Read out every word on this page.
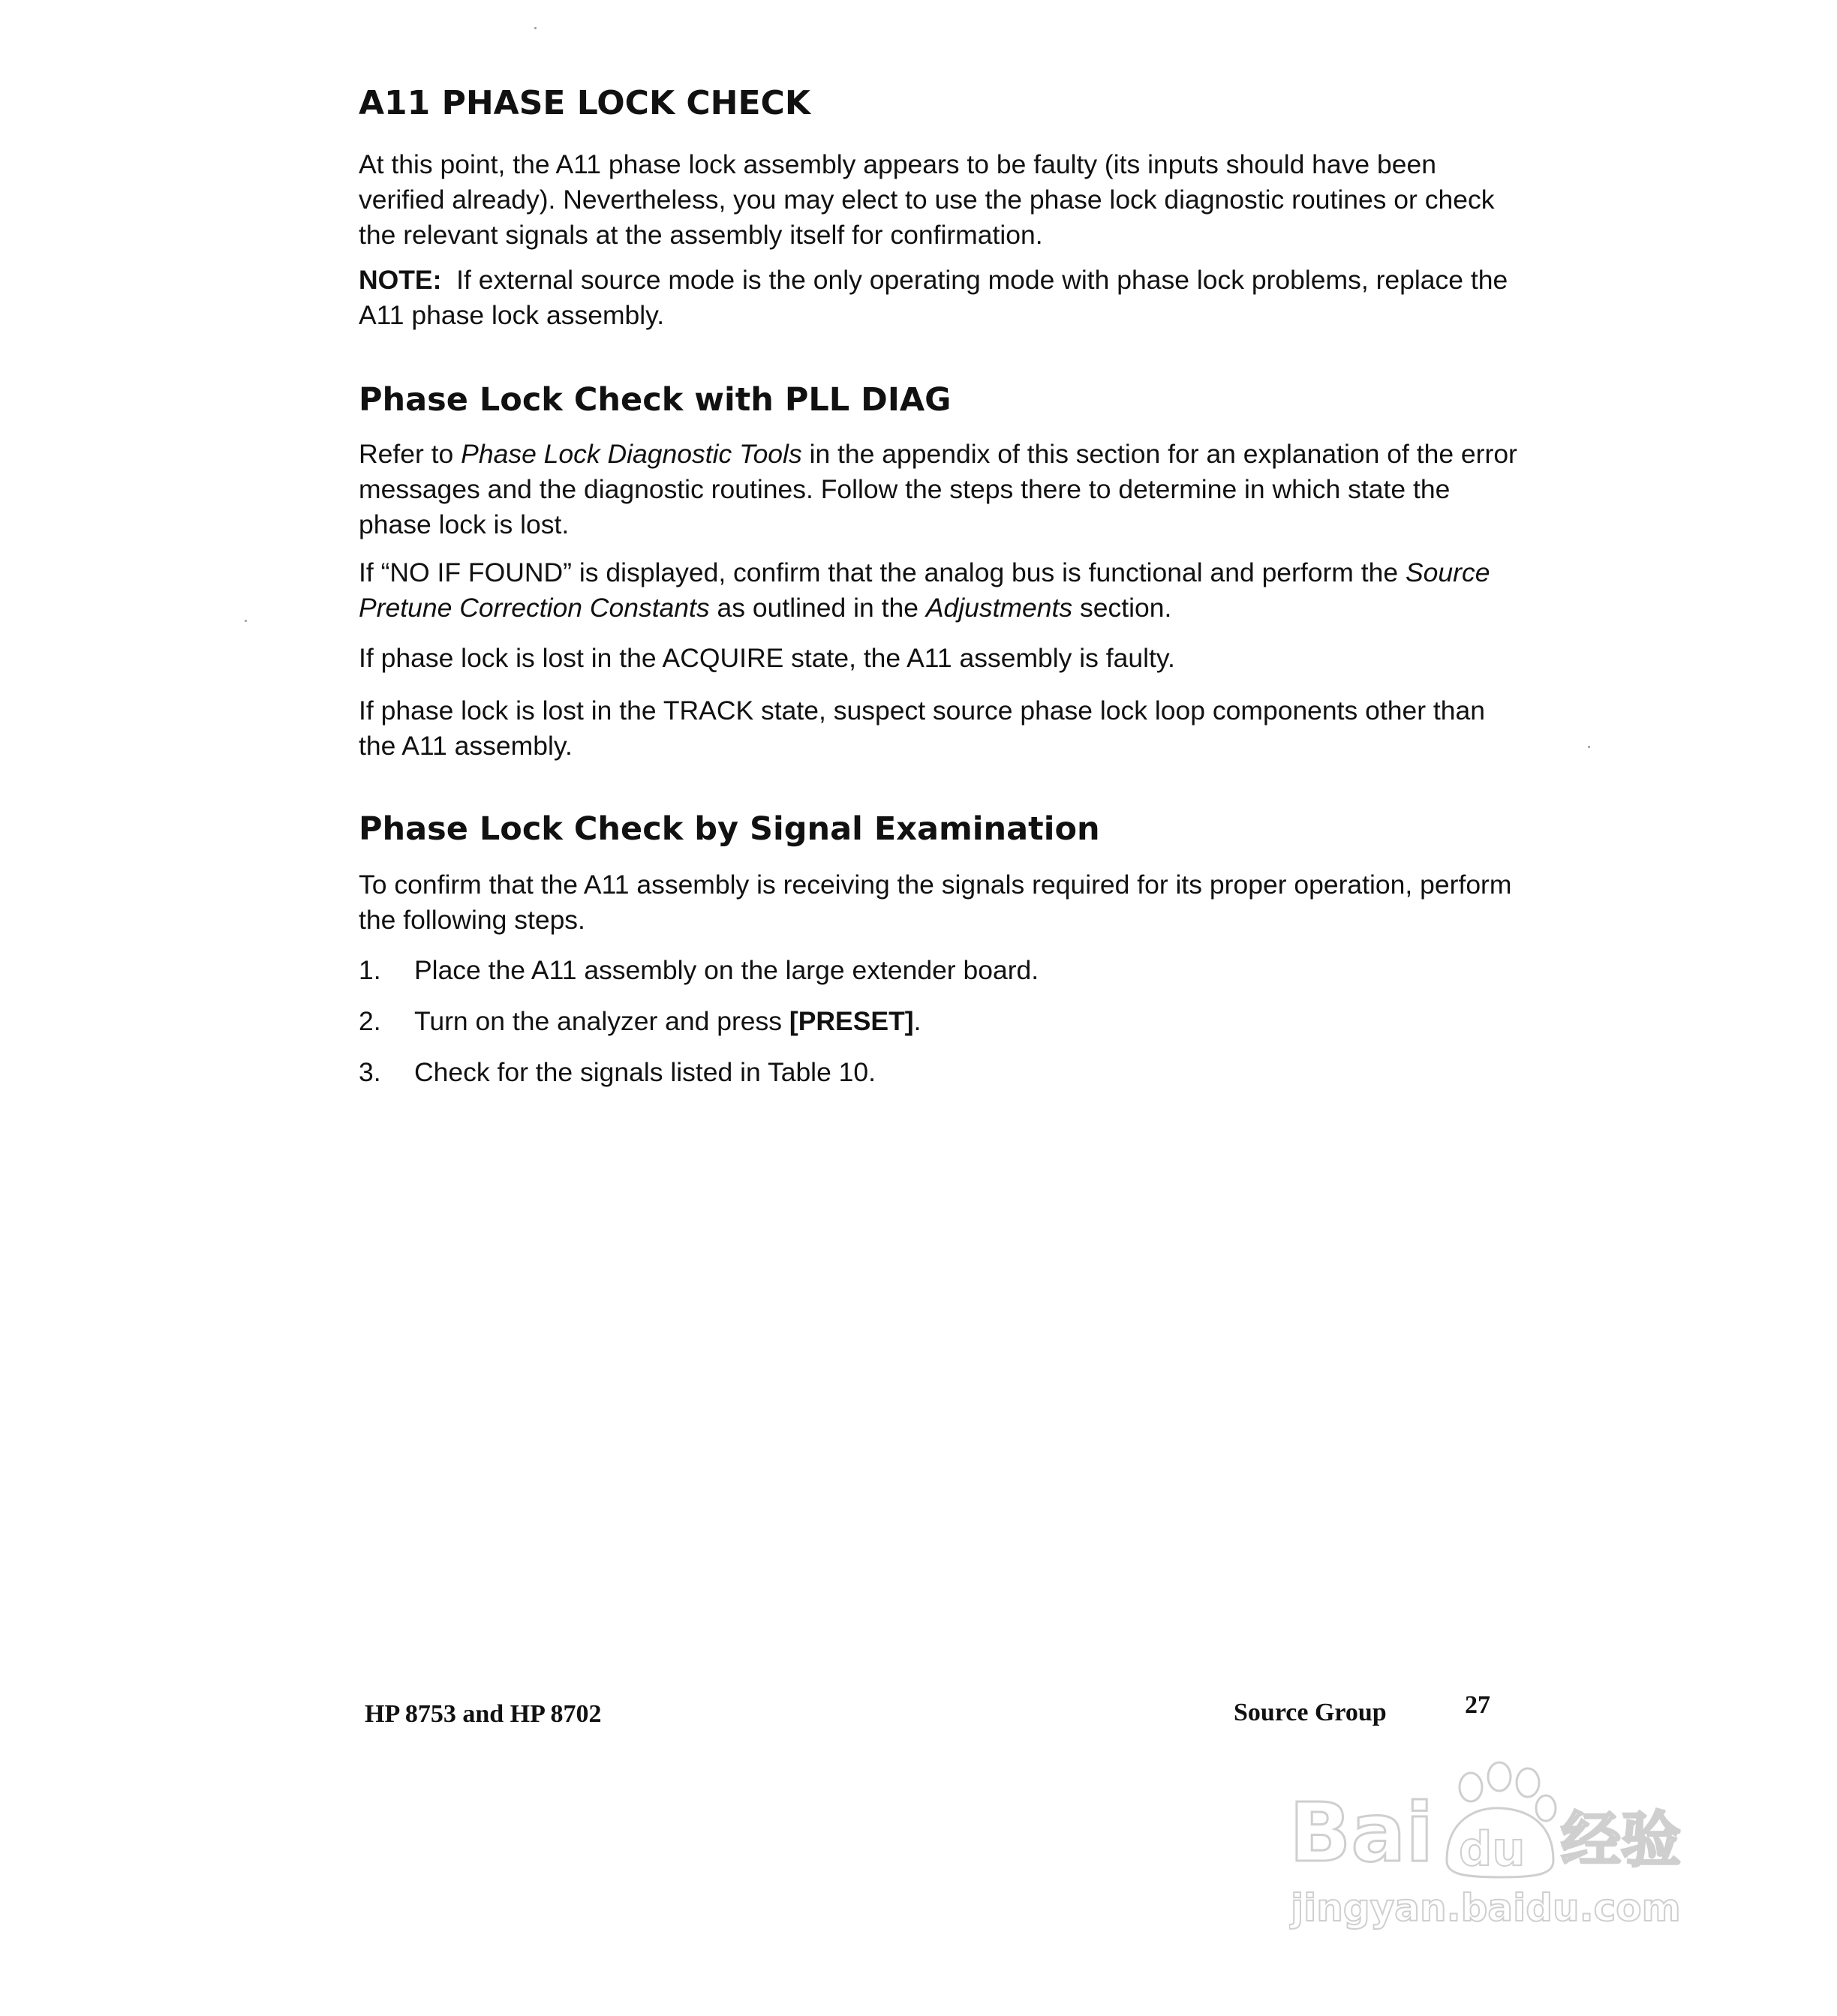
A11 PHASE LOCK CHECK

At this point, the A11 phase lock assembly appears to be faulty (its inputs should have been verified already). Nevertheless, you may elect to use the phase lock diagnostic routines or check the relevant signals at the assembly itself for confirmation.

NOTE: If external source mode is the only operating mode with phase lock problems, replace the A11 phase lock assembly.

Phase Lock Check with PLL DIAG

Refer to Phase Lock Diagnostic Tools in the appendix of this section for an explanation of the error messages and the diagnostic routines. Follow the steps there to determine in which state the phase lock is lost.

If “NO IF FOUND” is displayed, confirm that the analog bus is functional and perform the Source Pretune Correction Constants as outlined in the Adjustments section.

If phase lock is lost in the ACQUIRE state, the A11 assembly is faulty.

If phase lock is lost in the TRACK state, suspect source phase lock loop components other than the A11 assembly.

Phase Lock Check by Signal Examination

To confirm that the A11 assembly is receiving the signals required for its proper operation, perform the following steps.

1. Place the A11 assembly on the large extender board.
2. Turn on the analyzer and press [PRESET].
3. Check for the signals listed in Table 10.
HP 8753 and HP 8702	Source Group	27
Bai du 经验
jingyan.baidu.com
